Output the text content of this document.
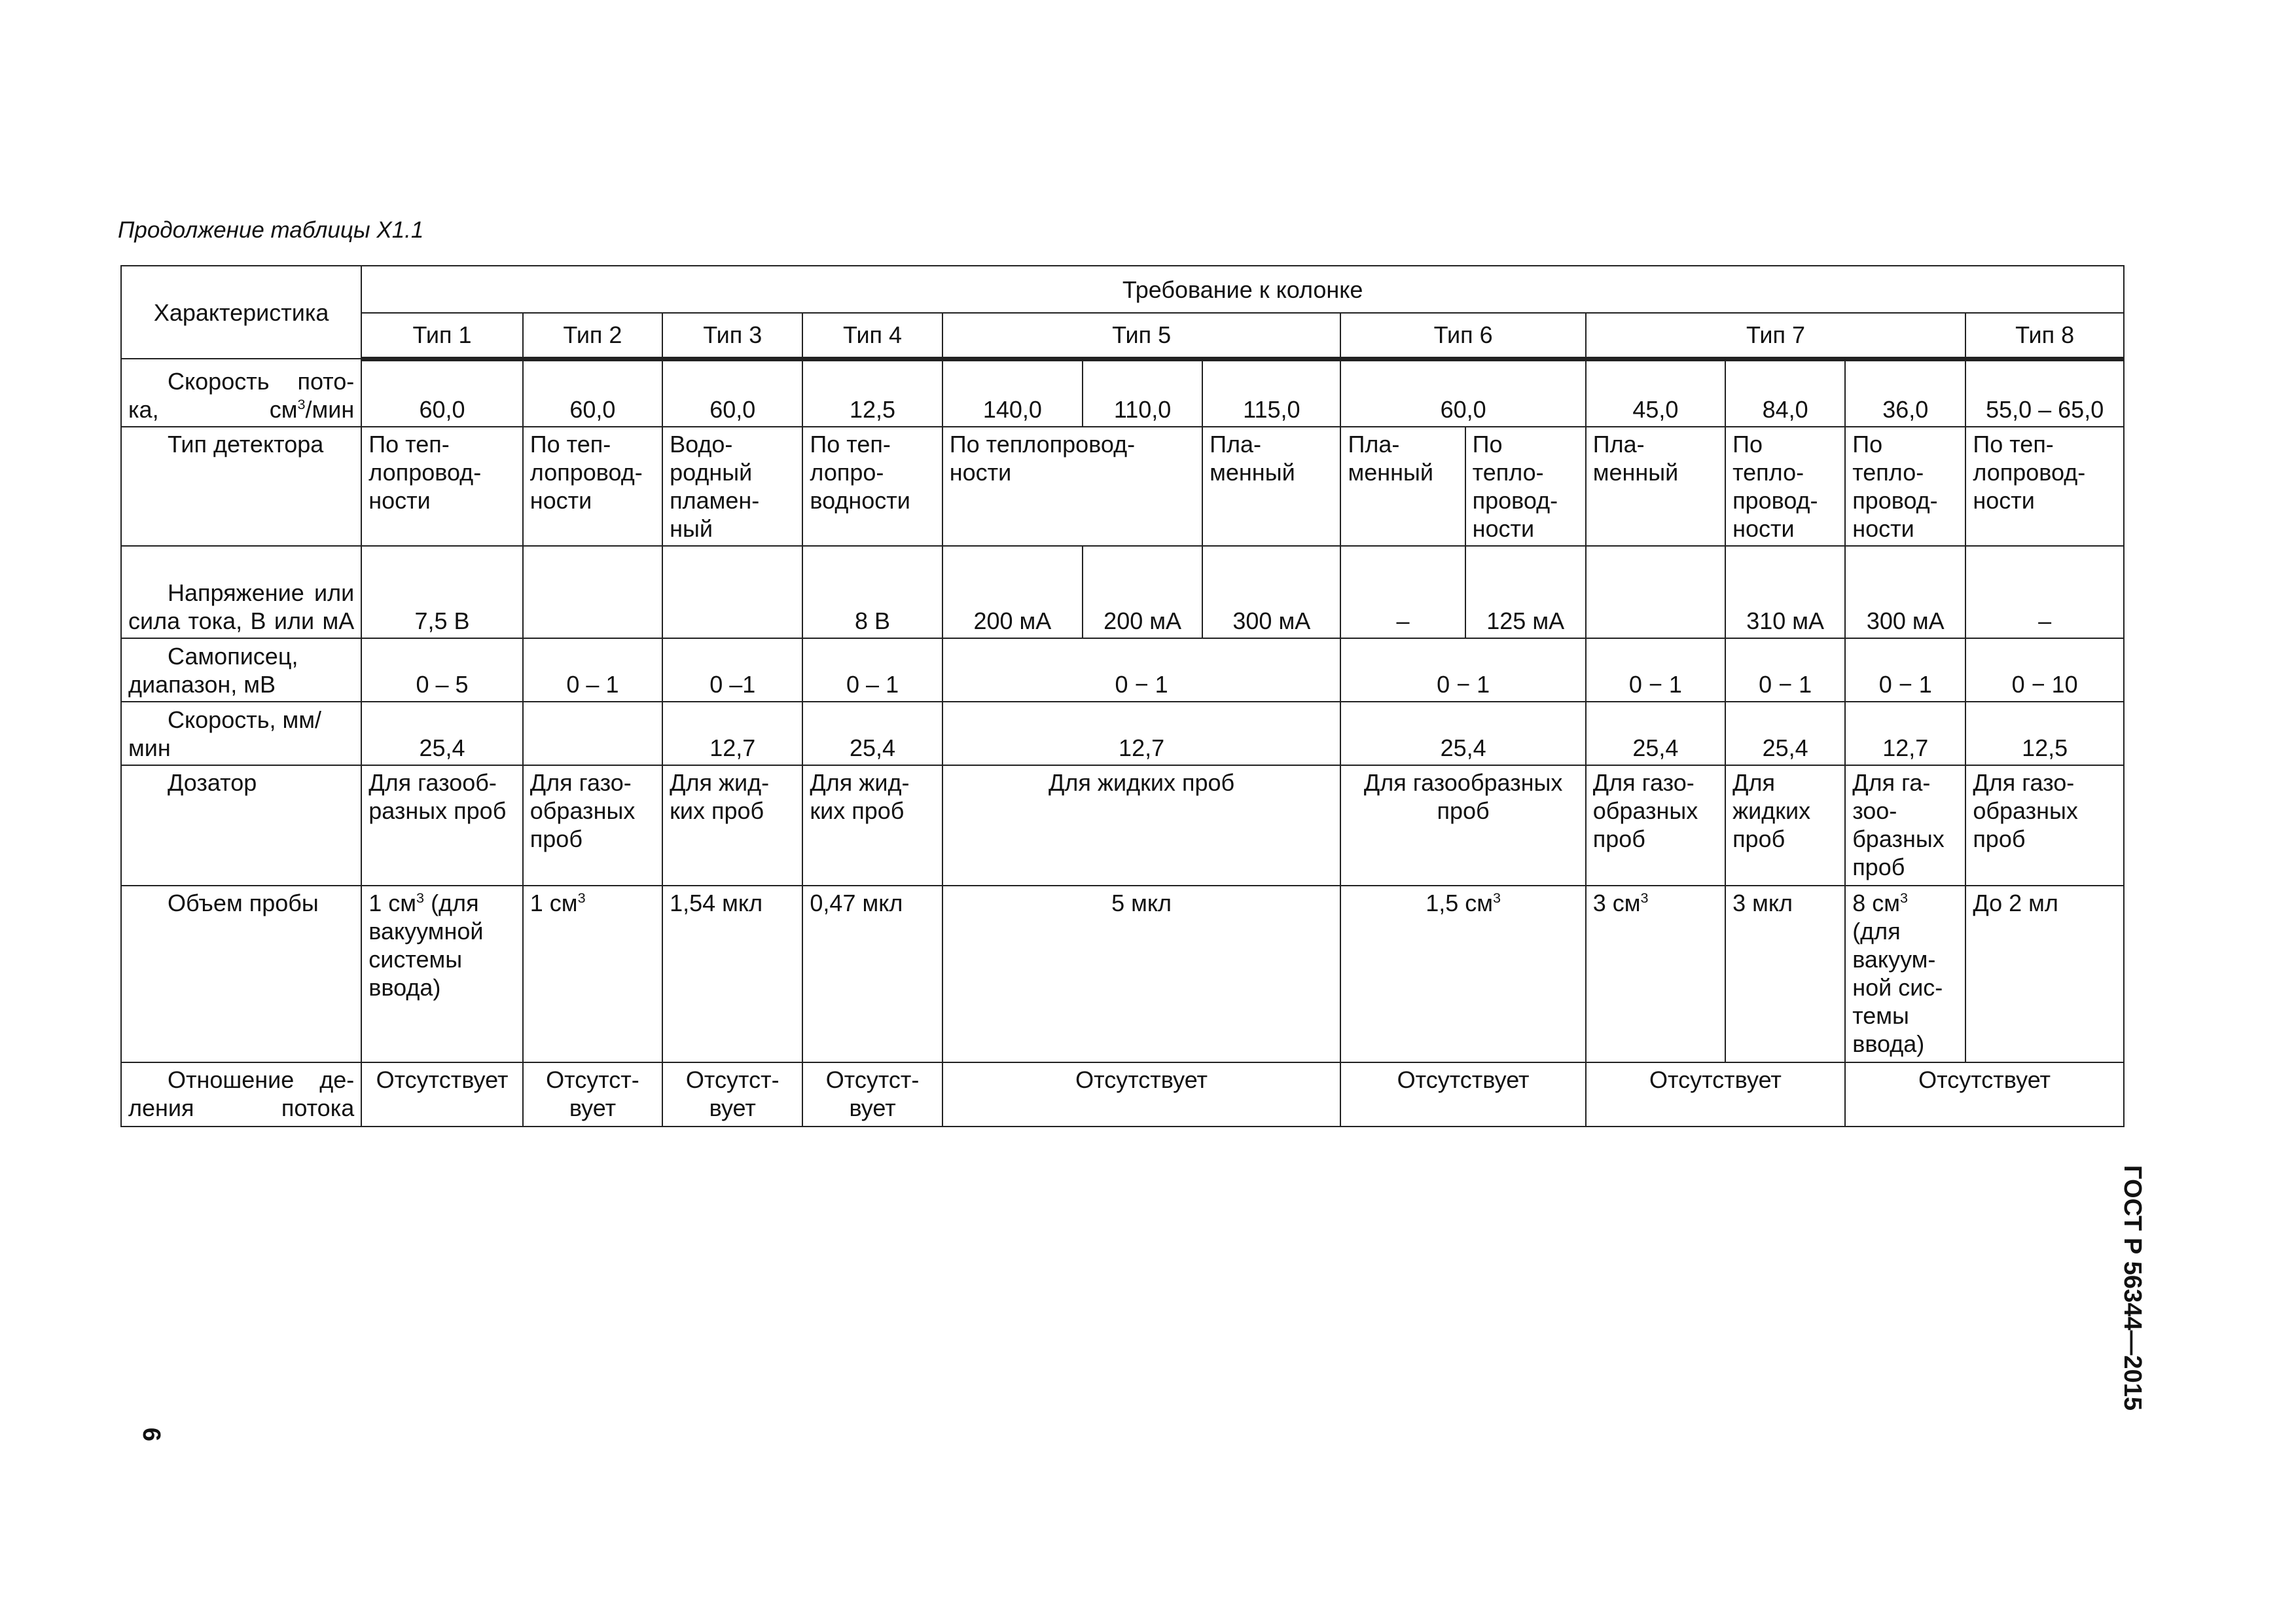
Продолжение таблицы Х1.1
Характеристика	Требование к колонке												
	Тип 1	Тип 2	Тип 3	Тип 4	Тип 5			Тип 6		Тип 7			Тип 8
Скорость пото-ка, $см^3$/мин	60,0	60,0	60,0	12,5	140,0	110,0	115,0	60,0		45,0	84,0	36,0	55,0 – 65,0
Тип детектора	По теп-лопровод-ности	По теп-лопровод-ности	Водо-родный пламен-ный	По теп-лопро-водности	По теплопровод-ности		Пла-менный	Пла-менный	По тепло-провод-ности	Пла-менный	По тепло-провод-ности	По тепло-провод-ности	По теп-лопровод-ности
Напряжение или сила тока, В или мА	7,5 В			8 В	200 мА	200 мА	300 мА	–	125 мА		310 мА	300 мА	–
Самописец, диапазон, мВ	0 – 5	0 – 1	0 –1	0 – 1	0 − 1			0 − 1		0 − 1	0 − 1	0 − 1	0 − 10
Скорость, мм/мин	25,4		12,7	25,4	12,7			25,4		25,4	25,4	12,7	12,5
Дозатор	Для газооб-разных проб	Для газо-образных проб	Для жид-ких проб	Для жид-ких проб	Для жидких проб			Для газообразных проб		Для газо-образных проб	Для жидких проб	Для га-зоо-бразных проб	Для газо-образных проб
Объем пробы	1 $см^3$ (для вакуумной системы ввода)	1 $см^3$	1,54 мкл	0,47 мкл	5 мкл			1,5 $см^3$		3 $см^3$	3 мкл	8 $см^3$ (для вакуум-ной сис-темы ввода)	До 2 мл
Отношение де-ления потока	Отсутствует	Отсутст-вует	Отсутст-вует	Отсутст-вует	Отсутствует			Отсутствует		Отсутствует		Отсутствует	
ГОСТ Р 56344—2015
6
